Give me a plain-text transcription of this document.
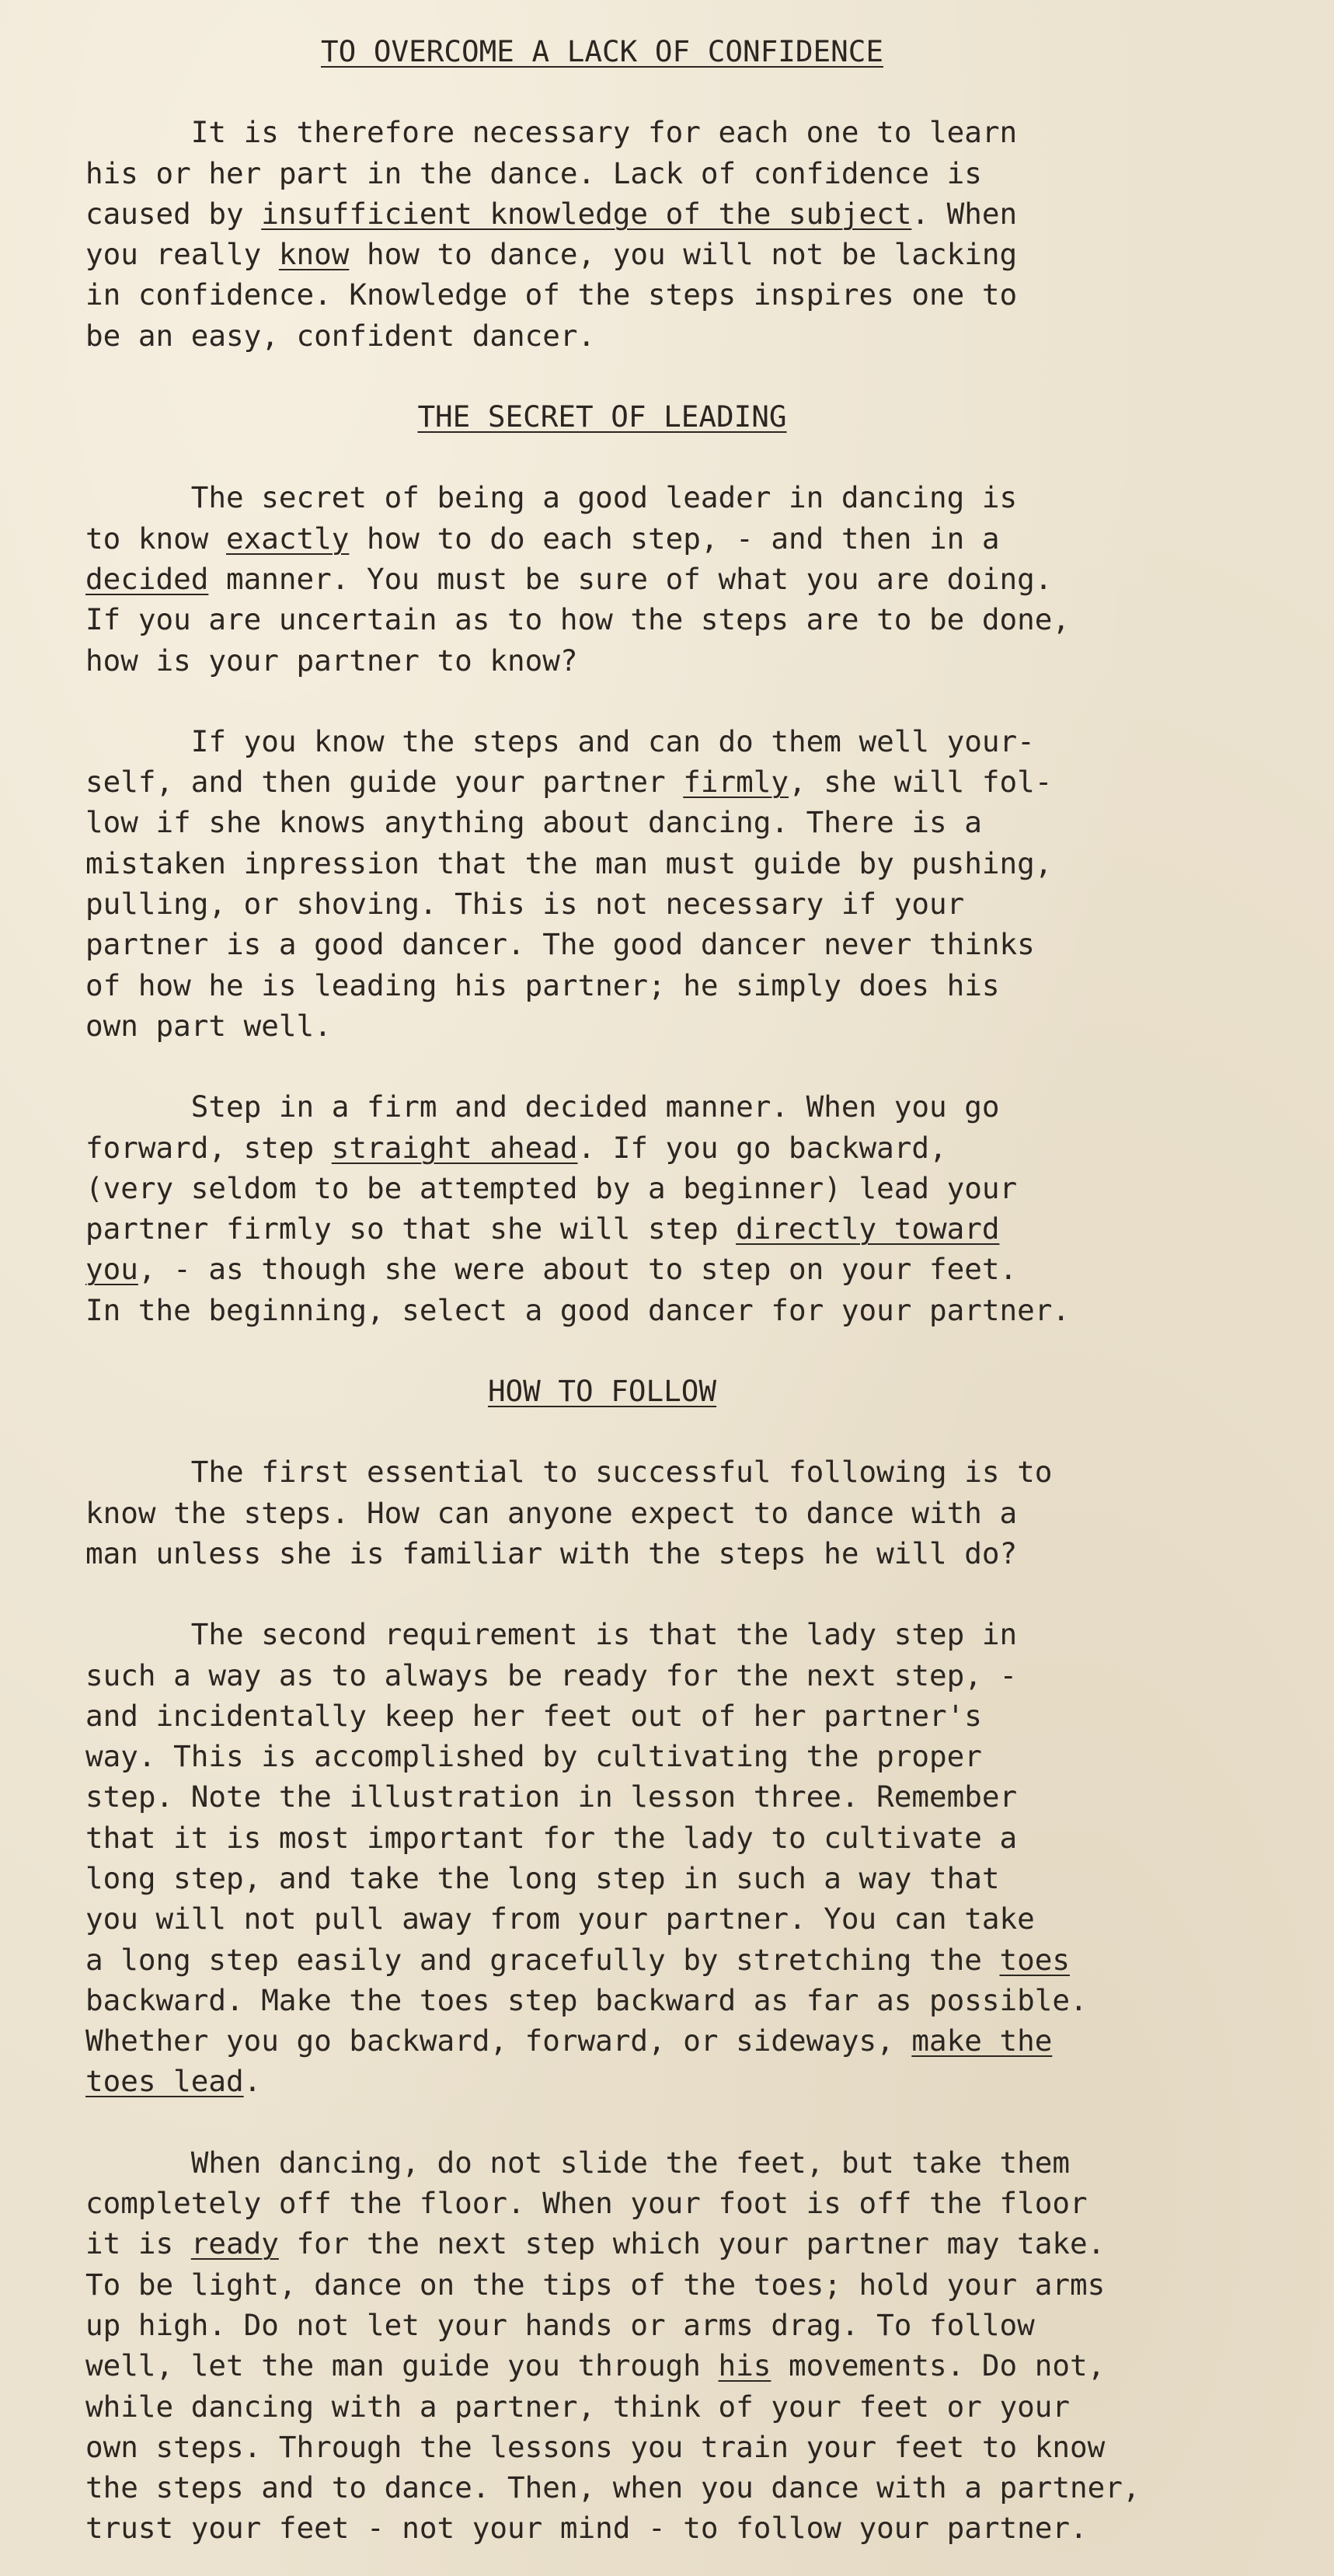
TO OVERCOME A LACK OF CONFIDENCE
It is therefore necessary for each one to learn
his or her part in the dance. Lack of confidence is
caused by insufficient knowledge of the subject. When
you really know how to dance, you will not be lacking
in confidence. Knowledge of the steps inspires one to
be an easy, confident dancer.
THE SECRET OF LEADING
The secret of being a good leader in dancing is
to know exactly how to do each step, - and then in a
decided manner. You must be sure of what you are doing.
If you are uncertain as to how the steps are to be done,
how is your partner to know?
If you know the steps and can do them well your-
self, and then guide your partner firmly, she will fol-
low if she knows anything about dancing. There is a
mistaken inpression that the man must guide by pushing,
pulling, or shoving. This is not necessary if your
partner is a good dancer. The good dancer never thinks
of how he is leading his partner; he simply does his
own part well.
Step in a firm and decided manner. When you go
forward, step straight ahead. If you go backward,
(very seldom to be attempted by a beginner) lead your
partner firmly so that she will step directly toward
you, - as though she were about to step on your feet.
In the beginning, select a good dancer for your partner.
HOW TO FOLLOW
The first essential to successful following is to
know the steps. How can anyone expect to dance with a
man unless she is familiar with the steps he will do?
The second requirement is that the lady step in
such a way as to always be ready for the next step, -
and incidentally keep her feet out of her partner's
way. This is accomplished by cultivating the proper
step. Note the illustration in lesson three. Remember
that it is most important for the lady to cultivate a
long step, and take the long step in such a way that
you will not pull away from your partner. You can take
a long step easily and gracefully by stretching the toes
backward. Make the toes step backward as far as possible.
Whether you go backward, forward, or sideways, make the
toes lead.
When dancing, do not slide the feet, but take them
completely off the floor. When your foot is off the floor
it is ready for the next step which your partner may take.
To be light, dance on the tips of the toes; hold your arms
up high. Do not let your hands or arms drag. To follow
well, let the man guide you through his movements. Do not,
while dancing with a partner, think of your feet or your
own steps. Through the lessons you train your feet to know
the steps and to dance. Then, when you dance with a partner,
trust your feet - not your mind - to follow your partner.
